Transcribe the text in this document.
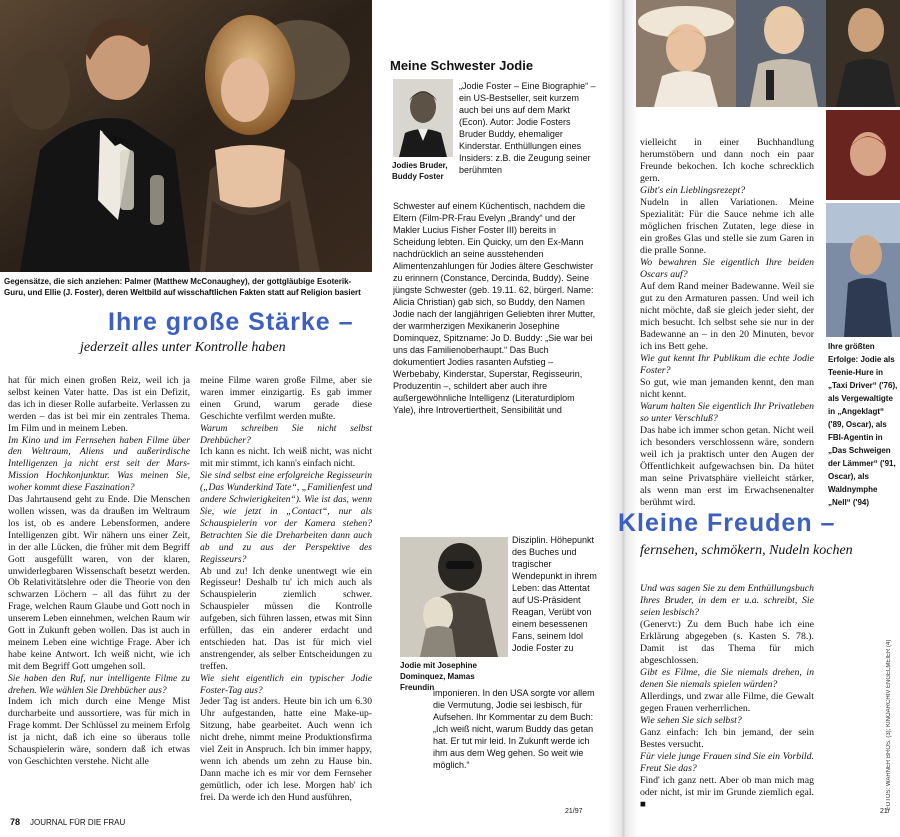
Gegensätze, die sich anziehen: Palmer (Matthew McConaughey), der gottgläubige Esoterik-Guru, und Ellie (J. Foster), deren Weltbild auf wisschaftlichen Fakten statt auf Religion basiert
Ihre große Stärke –
jederzeit alles unter Kontrolle haben

hat für mich einen großen Reiz, weil ich ja selbst keinen Vater hatte. Das ist ein Defizit, das ich in dieser Rolle aufarbeite. Verlassen zu werden – das ist bei mir ein zentrales Thema. Im Film und in meinem Leben.

Im Kino und im Fernsehen haben Filme über den Weltraum, Aliens und außerirdische Intelligenzen ja nicht erst seit der Mars-Mission Hochkonjunktur. Was meinen Sie, woher kommt diese Faszination?

Das Jahrtausend geht zu Ende. Die Menschen wollen wissen, was da draußen im Weltraum los ist, ob es andere Lebensformen, andere Intelligenzen gibt. Wir nähern uns einer Zeit, in der alle Lücken, die früher mit dem Begriff Gott ausgefüllt waren, von der klaren, unwiderlegbaren Wissenschaft besetzt werden. Ob Relativitätslehre oder die Theorie von den schwarzen Löchern – all das führt zu der Frage, welchen Raum Glaube und Gott noch in unserem Leben einnehmen, welchen Raum wir Gott in Zukunft geben wollen. Das ist auch in meinem Leben eine wichtige Frage. Aber ich habe keine Antwort. Ich weiß nicht, wie ich mit dem Begriff Gott umgehen soll.

Sie haben den Ruf, nur intelligente Filme zu drehen. Wie wählen Sie Drehbücher aus?

Indem ich mich durch eine Menge Mist durcharbeite und aussortiere, was für mich in Frage kommt. Der Schlüssel zu meinem Erfolg ist ja nicht, daß ich eine so überaus tolle Schauspielerin wäre, sondern daß ich etwas von Geschichten verstehe. Nicht alle

meine Filme waren große Filme, aber sie waren immer einzigartig. Es gab immer einen Grund, warum gerade diese Geschichte verfilmt werden mußte.

Warum schreiben Sie nicht selbst Drehbücher?

Ich kann es nicht. Ich weiß nicht, was nicht mit mir stimmt, ich kann's einfach nicht.

Sie sind selbst eine erfolgreiche Regisseurin („Das Wunderkind Tate“, „Familienfest und andere Schwierigkeiten“). Wie ist das, wenn Sie, wie jetzt in „Contact“, nur als Schauspielerin vor der Kamera stehen? Betrachten Sie die Dreharbeiten dann auch ab und zu aus der Perspektive des Regisseurs?

Ab und zu! Ich denke unentwegt wie ein Regisseur! Deshalb tu' ich mich auch als Schauspielerin ziemlich schwer. Schauspieler müssen die Kontrolle aufgeben, sich führen lassen, etwas mit Sinn erfüllen, das ein anderer erdacht und entschieden hat. Das ist für mich viel anstrengender, als selber Entscheidungen zu treffen.

Wie sieht eigentlich ein typischer Jodie Foster-Tag aus?

Jeder Tag ist anders. Heute bin ich um 6.30 Uhr aufgestanden, hatte eine Make-up-Sitzung, habe gearbeitet. Auch wenn ich nicht drehe, nimmt meine Produktionsfirma viel Zeit in Anspruch. Ich bin immer happy, wenn ich abends um zehn zu Hause bin. Dann mache ich es mir vor dem Fernseher gemütlich, oder ich lese. Morgen hab' ich frei. Da werde ich den Hund ausführen,

Meine Schwester Jodie
Jodies Bruder, Buddy Foster
„Jodie Foster – Eine Biographie“ – ein US-Bestseller, seit kurzem auch bei uns auf dem Markt (Econ). Autor: Jodie Fosters Bruder Buddy, ehemaliger Kinderstar. Enthüllungen eines Insiders: z.B. die Zeugung seiner berühmten
Schwester auf einem Küchentisch, nachdem die Eltern (Film-PR-Frau Evelyn „Brandy“ und der Makler Lucius Fisher Foster III) bereits in Scheidung lebten. Ein Quicky, um den Ex-Mann nachdrücklich an seine ausstehenden Alimentenzahlungen für Jodies ältere Geschwister zu erinnern (Constance, Dercinda, Buddy). Seine jüngste Schwester (geb. 19.11. 62, bürgerl. Name: Alicia Christian) gab sich, so Buddy, den Namen Jodie nach der langjährigen Geliebten ihrer Mutter, der warmherzigen Mexikanerin Josephine Dominquez, Spitzname: Jo D. Buddy: „Sie war bei uns das Familienoberhaupt.“ Das Buch dokumentiert Jodies rasanten Aufstieg – Werbebaby, Kinderstar, Superstar, Regisseurin, Produzentin –, schildert aber auch ihre außergewöhnliche Intelligenz (Literaturdiplom Yale), ihre Introvertiertheit, Sensibilität und
Jodie mit Josephine Dominquez, Mamas Freundin
Disziplin. Höhepunkt des Buches und tragischer Wendepunkt in ihrem Leben: das Attentat auf US-Präsident Reagan, Verübt von einem besessenen Fans, seinem Idol Jodie Foster zu
imponieren. In den USA sorgte vor allem die Vermutung, Jodie sei lesbisch, für Aufsehen. Ihr Kommentar zu dem Buch: „Ich weiß nicht, warum Buddy das getan hat. Er tut mir leid. In Zukunft werde ich ihm aus dem Weg gehen. So weit wie möglich.“
78 JOURNAL FÜR DIE FRAU
21/97
Ihre größten Erfolge: Jodie als Teenie-Hure in „Taxi Driver“ ('76), als Vergewaltigte in „Angeklagt“ ('89, Oscar), als FBI-Agentin in „Das Schweigen der Lämmer“ ('91, Oscar), als Waldnymphe „Nell“ ('94)

vielleicht in einer Buchhandlung herumstöbern und dann noch ein paar Freunde bekochen. Ich koche schrecklich gern.

Gibt's ein Lieblingsrezept?

Nudeln in allen Variationen. Meine Spezialität: Für die Sauce nehme ich alle möglichen frischen Zutaten, lege diese in ein großes Glas und stelle sie zum Garen in die pralle Sonne.

Wo bewahren Sie eigentlich Ihre beiden Oscars auf?

Auf dem Rand meiner Badewanne. Weil sie gut zu den Armaturen passen. Und weil ich nicht möchte, daß sie gleich jeder sieht, der mich besucht. Ich selbst sehe sie nur in der Badewanne an – in den 20 Minuten, bevor ich ins Bett gehe.

Wie gut kennt Ihr Publikum die echte Jodie Foster?

So gut, wie man jemanden kennt, den man nicht kennt.

Warum halten Sie eigentlich Ihr Privatleben so unter Verschluß?

Das habe ich immer schon getan. Nicht weil ich besonders verschlossenn wäre, sondern weil ich ja praktisch unter den Augen der Öffentlichkeit aufgewachsen bin. Da hütet man seine Privatsphäre vielleicht stärker, als wenn man erst im Erwachsenenalter berühmt wird.

Kleine Freuden –
fernsehen, schmökern, Nudeln kochen

Und was sagen Sie zu dem Enthüllungsbuch Ihres Bruder, in dem er u.a. schreibt, Sie seien lesbisch?

(Genervt:) Zu dem Buch habe ich eine Erklärung abgegeben (s. Kasten S. 78.). Damit ist das Thema für mich abgeschlossen.

Gibt es Filme, die Sie niemals drehen, in denen Sie niemals spielen würden?

Allerdings, und zwar alle Filme, die Gewalt gegen Frauen verherrlichen.

Wie sehen Sie sich selbst?

Ganz einfach: Ich bin jemand, der sein Bestes versucht.

Für viele junge Frauen sind Sie ein Vorbild. Freut Sie das?

Find' ich ganz nett. Aber ob man mich mag oder nicht, ist mir im Grunde ziemlich egal. ■	FOTOS: WARNER BROS. (3); KINOARCHIV ENGELMEIER (4)
21/
